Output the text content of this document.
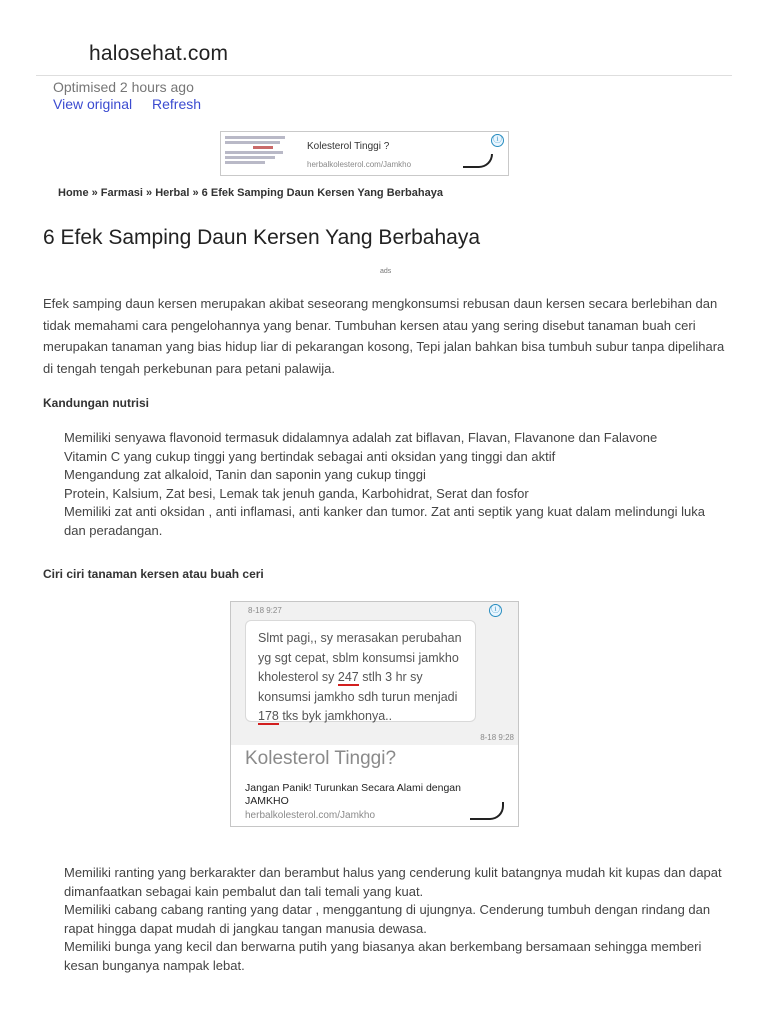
halosehat.com
Optimised 2 hours ago
View original Refresh
Kolesterol Tinggi ?
herbalkolesterol.com/Jamkho
ⓘ
Home » Farmasi » Herbal » 6 Efek Samping Daun Kersen Yang Berbahaya
6 Efek Samping Daun Kersen Yang Berbahaya
ads

Efek samping daun kersen merupakan akibat seseorang mengkonsumsi rebusan daun kersen secara berlebihan dan tidak memahami cara pengelohannya yang benar. Tumbuhan kersen atau yang sering disebut tanaman buah ceri merupakan tanaman yang bias hidup liar di pekarangan kosong, Tepi jalan bahkan bisa tumbuh subur tanpa dipelihara di tengah tengah perkebunan para petani palawija.

Kandungan nutrisi
Memiliki senyawa flavonoid termasuk didalamnya adalah zat biflavan, Flavan, Flavanone dan Falavone
Vitamin C yang cukup tinggi yang bertindak sebagai anti oksidan yang tinggi dan aktif
Mengandung zat alkaloid, Tanin dan saponin yang cukup tinggi
Protein, Kalsium, Zat besi, Lemak tak jenuh ganda, Karbohidrat, Serat dan fosfor
Memiliki zat anti oksidan , anti inflamasi, anti kanker dan tumor. Zat anti septik yang kuat dalam melindungi luka dan peradangan.
Ciri ciri tanaman kersen atau buah ceri
8-18 9:27
Slmt pagi,, sy merasakan perubahan yg sgt cepat, sblm konsumsi jamkho kholesterol sy 247 stlh 3 hr sy konsumsi jamkho sdh turun menjadi 178 tks byk jamkhonya..
8-18 9:28
ⓘ
Kolesterol Tinggi?
Jangan Panik! Turunkan Secara Alami dengan JAMKHO
herbalkolesterol.com/Jamkho
Memiliki ranting yang berkarakter dan berambut halus yang cenderung kulit batangnya mudah kit kupas dan dapat dimanfaatkan sebagai kain pembalut dan tali temali yang kuat.
Memiliki cabang cabang ranting yang datar , menggantung di ujungnya. Cenderung tumbuh dengan rindang dan rapat hingga dapat mudah di jangkau tangan manusia dewasa.
Memiliki bunga yang kecil dan berwarna putih yang biasanya akan berkembang bersamaan sehingga memberi kesan bunganya nampak lebat.
